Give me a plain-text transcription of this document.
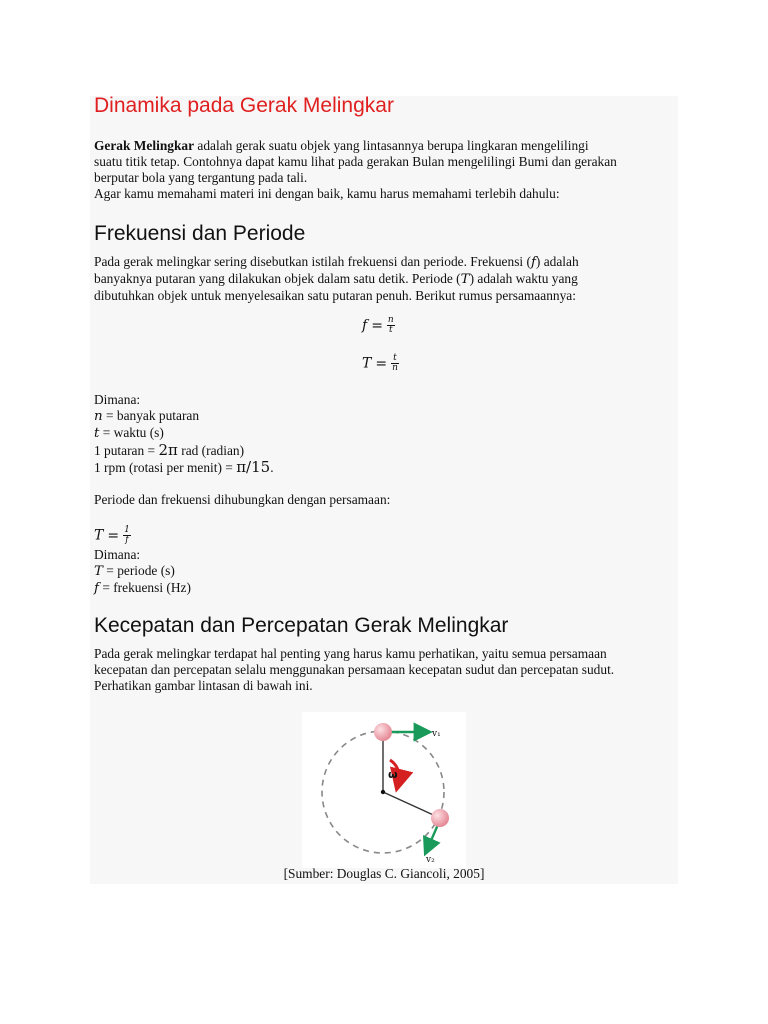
Dinamika pada Gerak Melingkar
Gerak Melingkar adalah gerak suatu objek yang lintasannya berupa lingkaran mengelilingi
suatu titik tetap. Contohnya dapat kamu lihat pada gerakan Bulan mengelilingi Bumi dan gerakan
berputar bola yang tergantung pada tali.
Agar kamu memahami materi ini dengan baik, kamu harus memahami terlebih dahulu:
Frekuensi dan Periode
Pada gerak melingkar sering disebutkan istilah frekuensi dan periode. Frekuensi (f) adalah
banyaknya putaran yang dilakukan objek dalam satu detik. Periode (T) adalah waktu yang
dibutuhkan objek untuk menyelesaikan satu putaran penuh. Berikut rumus persamaannya:
$f = \frac{n}{t}$
$T = \frac{t}{n}$
Dimana:
n = banyak putaran
t = waktu (s)
1 putaran = 2π rad (radian)
1 rpm (rotasi per menit) = π/15.
Periode dan frekuensi dihubungkan dengan persamaan:
$T = \frac{1}{f}$
Dimana:
T = periode (s)
f = frekuensi (Hz)
Kecepatan dan Percepatan Gerak Melingkar
Pada gerak melingkar terdapat hal penting yang harus kamu perhatikan, yaitu semua persamaan
kecepatan dan percepatan selalu menggunakan persamaan kecepatan sudut dan percepatan sudut.
Perhatikan gambar lintasan di bawah ini.
ω
v₁
v₂
[Sumber: Douglas C. Giancoli, 2005]
